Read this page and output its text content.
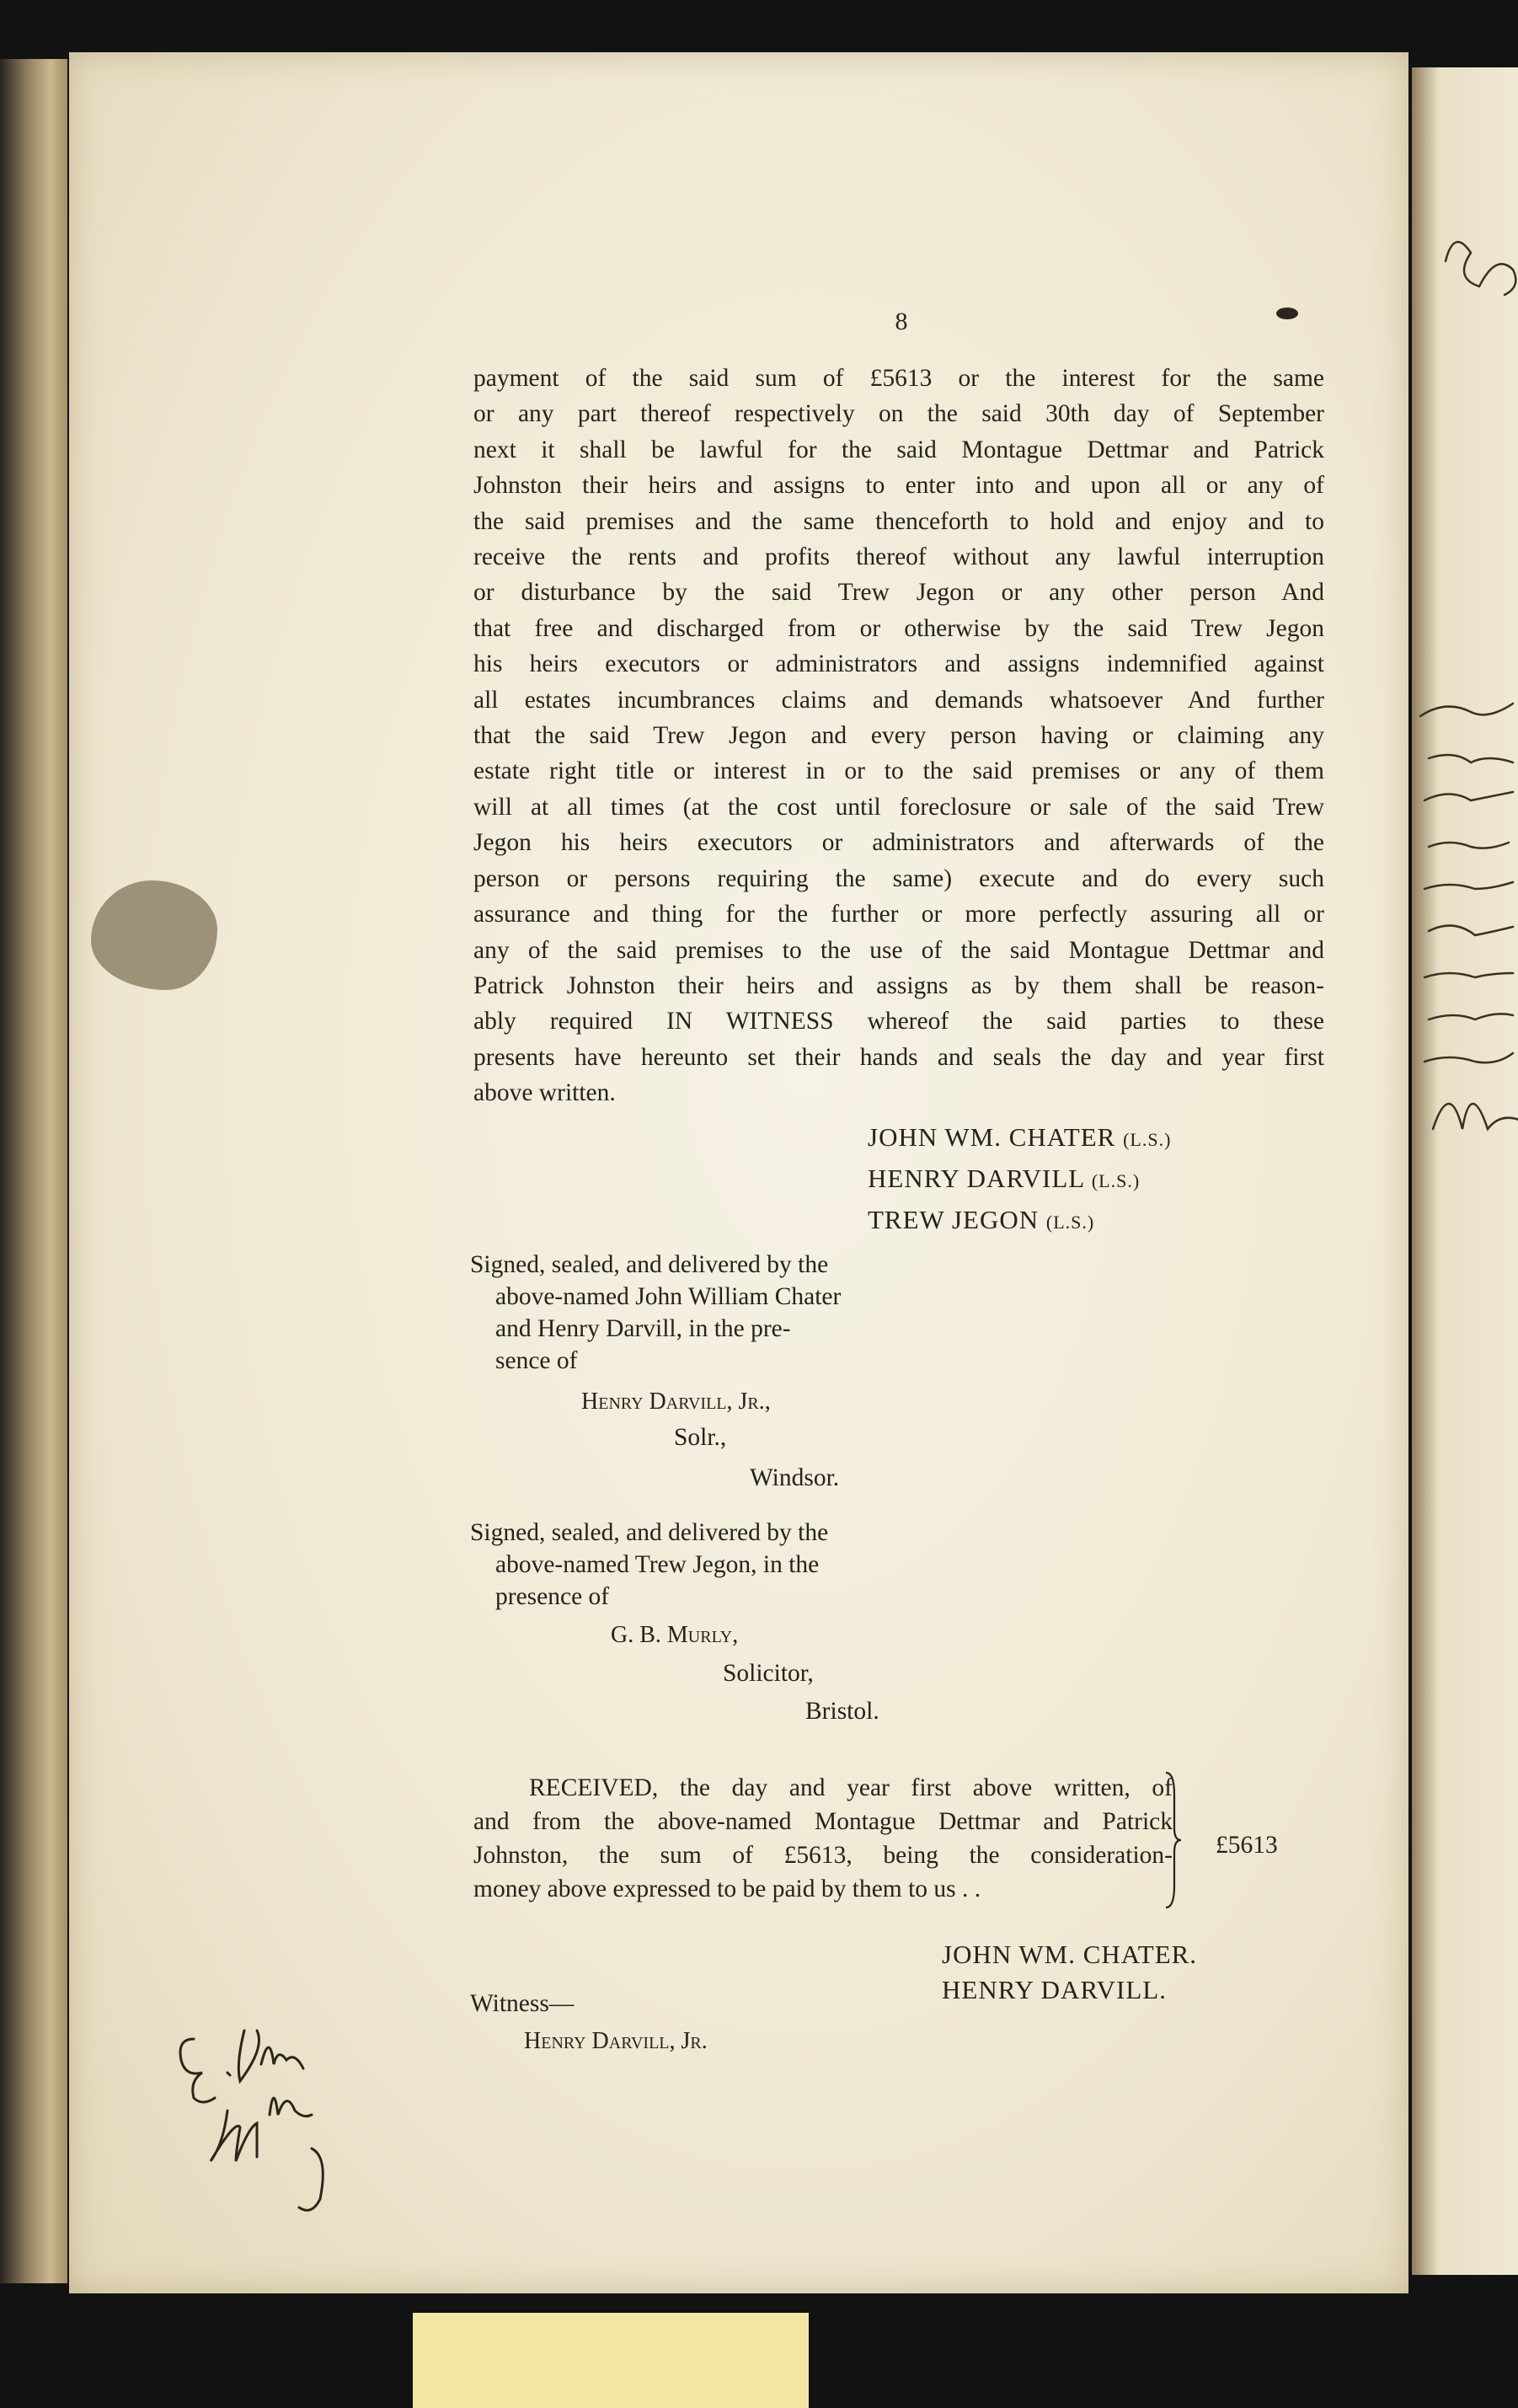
8
payment of the said sum of £5613 or the interest for the same
or any part thereof respectively on the said 30th day of September
next it shall be lawful for the said Montague Dettmar and Patrick
Johnston their heirs and assigns to enter into and upon all or any of
the said premises and the same thenceforth to hold and enjoy and to
receive the rents and profits thereof without any lawful interruption
or disturbance by the said Trew Jegon or any other person And
that free and discharged from or otherwise by the said Trew Jegon
his heirs executors or administrators and assigns indemnified against
all estates incumbrances claims and demands whatsoever And further
that the said Trew Jegon and every person having or claiming any
estate right title or interest in or to the said premises or any of them
will at all times (at the cost until foreclosure or sale of the said Trew
Jegon his heirs executors or administrators and afterwards of the
person or persons requiring the same) execute and do every such
assurance and thing for the further or more perfectly assuring all or
any of the said premises to the use of the said Montague Dettmar and
Patrick Johnston their heirs and assigns as by them shall be reason-
ably required IN WITNESS whereof the said parties to these
presents have hereunto set their hands and seals the day and year first
above written.
JOHN WM. CHATER (L.S.)
HENRY DARVILL (L.S.)
TREW JEGON (L.S.)
Signed, sealed, and delivered by the
above-named John William Chater
and Henry Darvill, in the pre-
sence of
Henry Darvill, Jr.,
Solr.,
Windsor.
Signed, sealed, and delivered by the
above-named Trew Jegon, in the
presence of
G. B. Murly,
Solicitor,
Bristol.
RECEIVED, the day and year first above written, of
and from the above-named Montague Dettmar and Patrick
Johnston, the sum of £5613, being the consideration-
money above expressed to be paid by them to us . .
£5613
JOHN WM. CHATER.
HENRY DARVILL.
Witness—
Henry Darvill, Jr.
